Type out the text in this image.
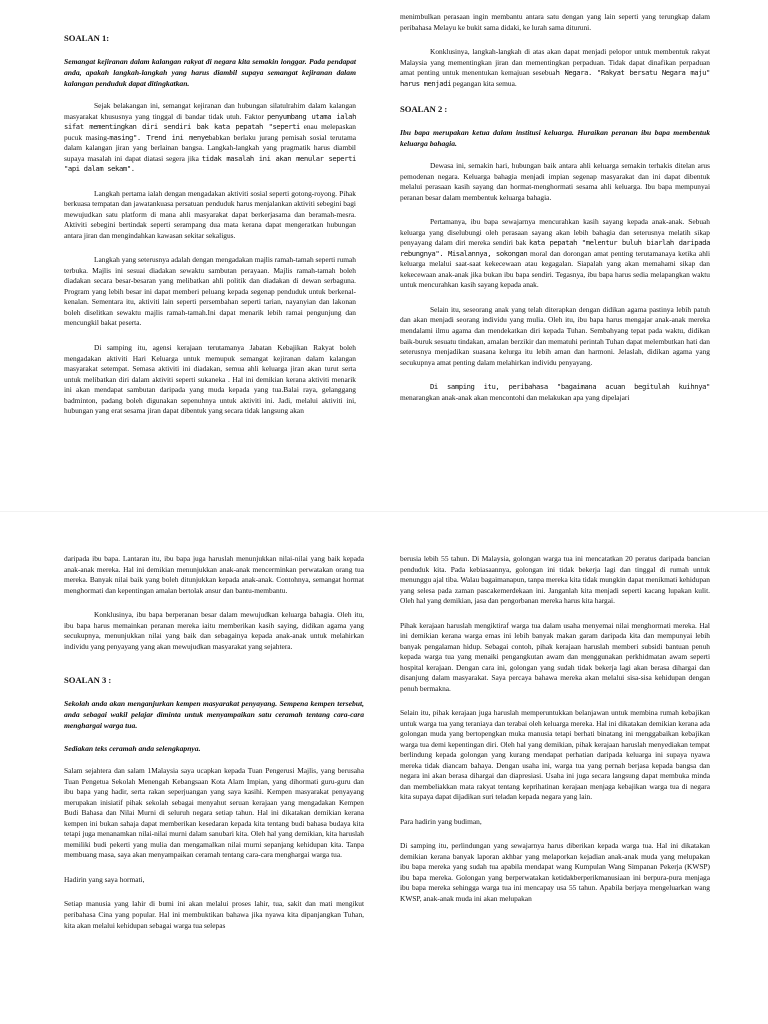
SOALAN 1:

Semangat kejiranan dalam kalangan rakyat di negara kita semakin longgar. Pada pendapat anda, apakah langkah-langkah yang harus diambil supaya semangat kejiranan dalam kalangan penduduk dapat ditingkatkan.

Sejak belakangan ini, semangat kejiranan dan hubungan silatulrahim dalam kalangan masyarakat khususnya yang tinggal di bandar tidak utuh. Faktor penyumbang utama ialah sifat mementingkan diri sendiri bak kata pepatah "seperti enau melepaskan pucuk masing-masing". Trend ini menyebabkan berlaku jurang pemisah sosial terutama dalam kalangan jiran yang berlainan bangsa. Langkah-langkah yang pragmatik harus diambil supaya masalah ini dapat diatasi segera jika tidak masalah ini akan menular seperti "api dalam sekam".

Langkah pertama ialah dengan mengadakan aktiviti sosial seperti gotong-royong. Pihak berkuasa tempatan dan jawatankuasa persatuan penduduk harus menjalankan aktiviti sebegini bagi mewujudkan satu platform di mana ahli masyarakat dapat berkerjasama dan beramah-mesra. Aktiviti sebegini bertindak seperti serampang dua mata kerana dapat mengeratkan hubungan antara jiran dan mengindahkan kawasan sekitar sekaligus.

Langkah yang seterusnya adalah dengan mengadakan majlis ramah-tamah seperti rumah terbuka. Majlis ini sesuai diadakan sewaktu sambutan perayaan. Majlis ramah-tamah boleh diadakan secara besar-besaran yang melibatkan ahli politik dan diadakan di dewan serbaguna. Program yang lebih besar ini dapat memberi peluang kepada segenap penduduk untuk berkenal-kenalan. Sementara itu, aktiviti lain seperti persembahan seperti tarian, nayanyian dan lakonan boleh diselitkan sewaktu majlis ramah-tamah.Ini dapat menarik lebih ramai pengunjung dan mencungkil bakat peserta.

Di samping itu, agensi kerajaan terutamanya Jabatan Kebajikan Rakyat boleh mengadakan aktiviti Hari Keluarga untuk memupuk semangat kejiranan dalam kalangan masyarakat setempat. Semasa aktiviti ini diadakan, semua ahli keluarga jiran akan turut serta untuk melibatkan diri dalam aktiviti seperti sukaneka . Hal ini demikian kerana aktiviti menarik ini akan mendapat sambutan daripada yang muda kepada yang tua.Balai raya, gelanggang badminton, padang boleh digunakan sepenuhnya untuk aktiviti ini. Jadi, melalui aktiviti ini, hubungan yang erat sesama jiran dapat dibentuk yang secara tidak langsung akan

menimbulkan perasaan ingin membantu antara satu dengan yang lain seperti yang terungkap dalam peribahasa Melayu ke bukit sama didaki, ke lurah sama dituruni.

Konklusinya, langkah-langkah di atas akan dapat menjadi pelopor untuk membentuk rakyat Malaysia yang mementingkan jiran dan mementingkan perpaduan. Tidak dapat dinafikan perpaduan amat penting untuk menentukan kemajuan sesebuah Negara. "Rakyat bersatu Negara maju" harus menjadi pegangan kita semua.

SOALAN 2 :

Ibu bapa merupakan ketua dalam institusi keluarga. Huraikan peranan ibu bapa membentuk keluarga bahagia.

Dewasa ini, semakin hari, hubungan baik antara ahli keluarga semakin terhakis ditelan arus pemodenan negara. Keluarga bahagia menjadi impian segenap masyarakat dan ini dapat dibentuk melalui perasaan kasih sayang dan hormat-menghormati sesama ahli keluarga. Ibu bapa mempunyai peranan besar dalam membentuk keluarga bahagia.

Pertamanya, ibu bapa sewajarnya mencurahkan kasih sayang kepada anak-anak. Sebuah keluarga yang diselubungi oleh perasaan sayang akan lebih bahagia dan seterusnya melatih sikap penyayang dalam diri mereka sendiri bak kata pepatah "melentur buluh biarlah daripada rebungnya". Misalannya, sokongan moral dan dorongan amat penting terutamanaya ketika ahli keluarga melalui saat-saat kekecewaan atau kegagalan. Siapalah yang akan memahami sikap dan kekecewaan anak-anak jika bukan ibu bapa sendiri. Tegasnya, ibu bapa harus sedia melapangkan waktu untuk mencurahkan kasih sayang kepada anak.

Selain itu, seseorang anak yang telah diterapkan dengan didikan agama pastinya lebih patuh dan akan menjadi seorang individu yang mulia. Oleh itu, ibu bapa harus mengajar anak-anak mereka mendalami ilmu agama dan mendekatkan diri kepada Tuhan. Sembahyang tepat pada waktu, didikan baik-buruk sesuatu tindakan, amalan berzikir dan mematuhi perintah Tuhan dapat melembutkan hati dan seterusnya menjadikan suasana kelurga itu lebih aman dan harmoni. Jelaslah, didikan agama yang secukupnya amat penting dalam melahirkan individu penyayang.

Di samping itu, peribahasa "bagaimana acuan begitulah kuihnya" menarangkan anak-anak akan mencontohi dan melakukan apa yang dipelajari

daripada ibu bapa. Lantaran itu, ibu bapa juga haruslah menunjukkan nilai-nilai yang baik kepada anak-anak mereka. Hal ini demikian menunjukkan anak-anak mencerminkan perwatakan orang tua mereka. Banyak nilai baik yang boleh ditunjukkan kepada anak-anak. Contohnya, semangat hormat menghormati dan kepentingan amalan bertolak ansur dan bantu-membantu.

Konklusinya, ibu bapa berperanan besar dalam mewujudkan keluarga bahagia. Oleh itu, ibu bapa harus memainkan peranan mereka iaitu memberikan kasih saying, didikan agama yang secukupnya, menunjukkan nilai yang baik dan sebagainya kepada anak-anak untuk melahirkan individu yang penyayang yang akan mewujudkan masyarakat yang sejahtera.

SOALAN 3 :

Sekolah anda akan menganjurkan kempen masyarakat penyayang. Sempena kempen tersebut, anda sebagai wakil pelajar diminta untuk menyampaikan satu ceramah tentang cara-cara menghargai warga tua.

Sediakan teks ceramah anda selengkapnya.

Salam sejahtera dan salam 1Malaysia saya ucapkan kepada Tuan Pengerusi Majlis, yang berusaha Tuan Pengetua Sekolah Menengah Kebangsaan Kota Alam Impian, yang dihormati guru-guru dan ibu bapa yang hadir, serta rakan seperjuangan yang saya kasihi. Kempen masyarakat penyayang merupakan inisiatif pihak sekolah sebagai menyahut seruan kerajaan yang mengadakan Kempen Budi Bahasa dan Nilai Murni di seluruh negara setiap tahun. Hal ini dikatakan demikian kerana kempen ini bukan sahaja dapat memberikan kesedaran kepada kita tentang budi bahasa budaya kita tetapi juga menanamkan nilai-nilai murni dalam sanubari kita. Oleh hal yang demikian, kita haruslah memiliki budi pekerti yang mulia dan mengamalkan nilai murni sepanjang kehidupan kita. Tanpa membuang masa, saya akan menyampaikan ceramah tentang cara-cara menghargai warga tua.

Hadirin yang saya hormati,

Setiap manusia yang lahir di bumi ini akan melalui proses lahir, tua, sakit dan mati mengikut peribahasa Cina yang popular. Hal ini membuktikan bahawa jika nyawa kita dipanjangkan Tuhan, kita akan melalui kehidupan sebagai warga tua selepas

berusia lebih 55 tahun. Di Malaysia, golongan warga tua ini mencatatkan 20 peratus daripada bancian penduduk kita. Pada kebiasaannya, golongan ini tidak bekerja lagi dan tinggal di rumah untuk menunggu ajal tiba. Walau bagaimanapun, tanpa mereka kita tidak mungkin dapat menikmati kehidupan yang selesa pada zaman pascakemerdekaan ini. Janganlah kita menjadi seperti kacang lupakan kulit. Oleh hal yang demikian, jasa dan pengorbanan mereka harus kita hargai.

Pihak kerajaan haruslah mengiktiraf warga tua dalam usaha menyemai nilai menghormati mereka. Hal ini demikian kerana warga emas ini lebih banyak makan garam daripada kita dan mempunyai lebih banyak pengalaman hidup. Sebagai contoh, pihak kerajaan haruslah memberi subsidi bantuan penuh kepada warga tua yang menaiki pengangkutan awam dan menggunakan perkhidmatan awam seperti hospital kerajaan. Dengan cara ini, golongan yang sudah tidak bekerja lagi akan berasa dihargai dan disanjung dalam masyarakat. Saya percaya bahawa mereka akan melalui sisa-sisa kehidupan dengan penuh bermakna.

Selain itu, pihak kerajaan juga haruslah memperuntukkan belanjawan untuk membina rumah kebajikan untuk warga tua yang teraniaya dan terabai oleh keluarga mereka. Hal ini dikatakan demikian kerana ada golongan muda yang bertopengkan muka manusia tetapi berhati binatang ini menggabaikan kebajikan warga tua demi kepentingan diri. Oleh hal yang demikian, pihak kerajaan haruslah menyediakan tempat berlindung kepada golongan yang kurang mendapat perhatian daripada keluarga ini supaya nyawa mereka tidak diancam bahaya. Dengan usaha ini, warga tua yang pernah berjasa kepada bangsa dan negara ini akan berasa dihargai dan diapresiasi. Usaha ini juga secara langsung dapat membuka minda dan membeliakkan mata rakyat tentang keprihatinan kerajaan menjaga kebajikan warga tua di negara kita supaya dapat dijadikan suri teladan kepada negara yang lain.

Para hadirin yang budiman,

Di samping itu, perlindungan yang sewajarnya harus diberikan kepada warga tua. Hal ini dikatakan demikian kerana banyak laporan akhbar yang melaporkan kejadian anak-anak muda yang melupakan ibu bapa mereka yang sudah tua apabila mendapat wang Kumpulan Wang Simpanan Pekerja (KWSP) ibu bapa mereka. Golongan yang berperwatakan ketidakberperikmanusiaan ini berpura-pura menjaga ibu bapa mereka sehingga warga tua ini mencapay usa 55 tahun. Apabila berjaya mengeluarkan wang KWSP, anak-anak muda ini akan melupakan
